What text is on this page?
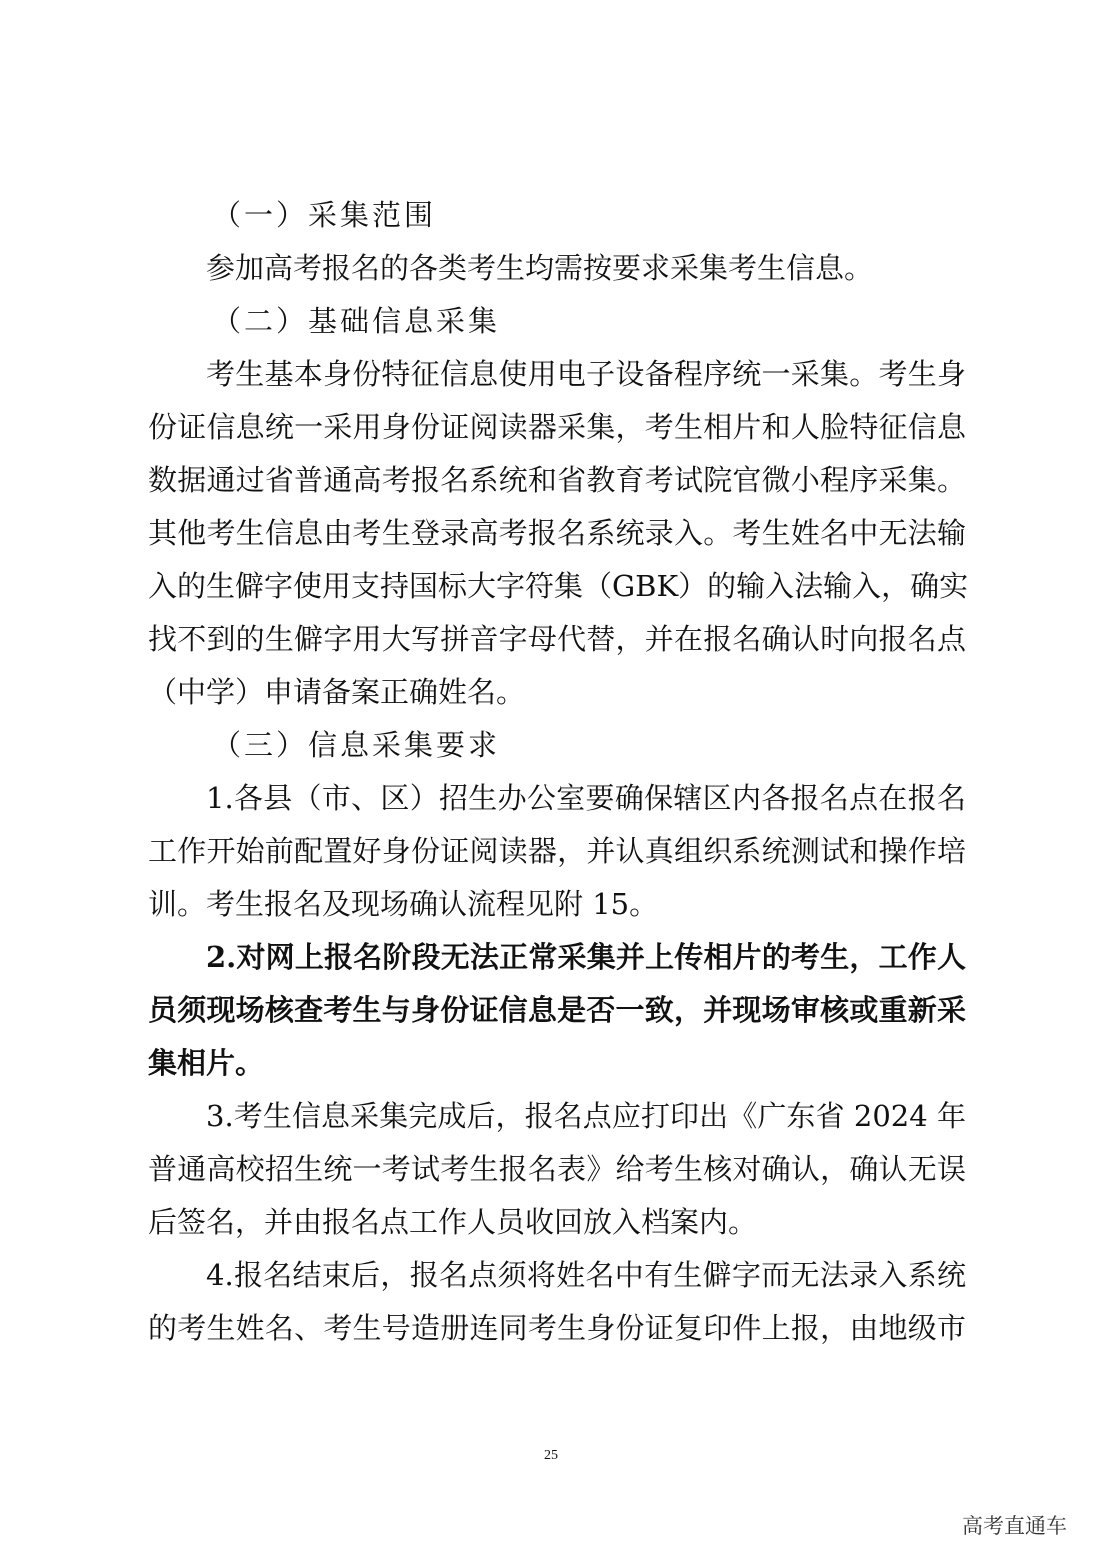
（一）采集范围
参加高考报名的各类考生均需按要求采集考生信息。
（二）基础信息采集
考生基本身份特征信息使用电子设备程序统一采集。考生身
份证信息统一采用身份证阅读器采集，考生相片和人脸特征信息
数据通过省普通高考报名系统和省教育考试院官微小程序采集。
其他考生信息由考生登录高考报名系统录入。考生姓名中无法输
入的生僻字使用支持国标大字符集（GBK）的输入法输入，确实
找不到的生僻字用大写拼音字母代替，并在报名确认时向报名点
（中学）申请备案正确姓名。
（三）信息采集要求
1.各县（市、区）招生办公室要确保辖区内各报名点在报名
工作开始前配置好身份证阅读器，并认真组织系统测试和操作培
训。考生报名及现场确认流程见附 15。
2.对网上报名阶段无法正常采集并上传相片的考生，工作人
员须现场核查考生与身份证信息是否一致，并现场审核或重新采
集相片。
3.考生信息采集完成后，报名点应打印出《广东省 2024 年
普通高校招生统一考试考生报名表》给考生核对确认，确认无误
后签名，并由报名点工作人员收回放入档案内。
4.报名结束后，报名点须将姓名中有生僻字而无法录入系统
的考生姓名、考生号造册连同考生身份证复印件上报，由地级市
25
高考直通车
